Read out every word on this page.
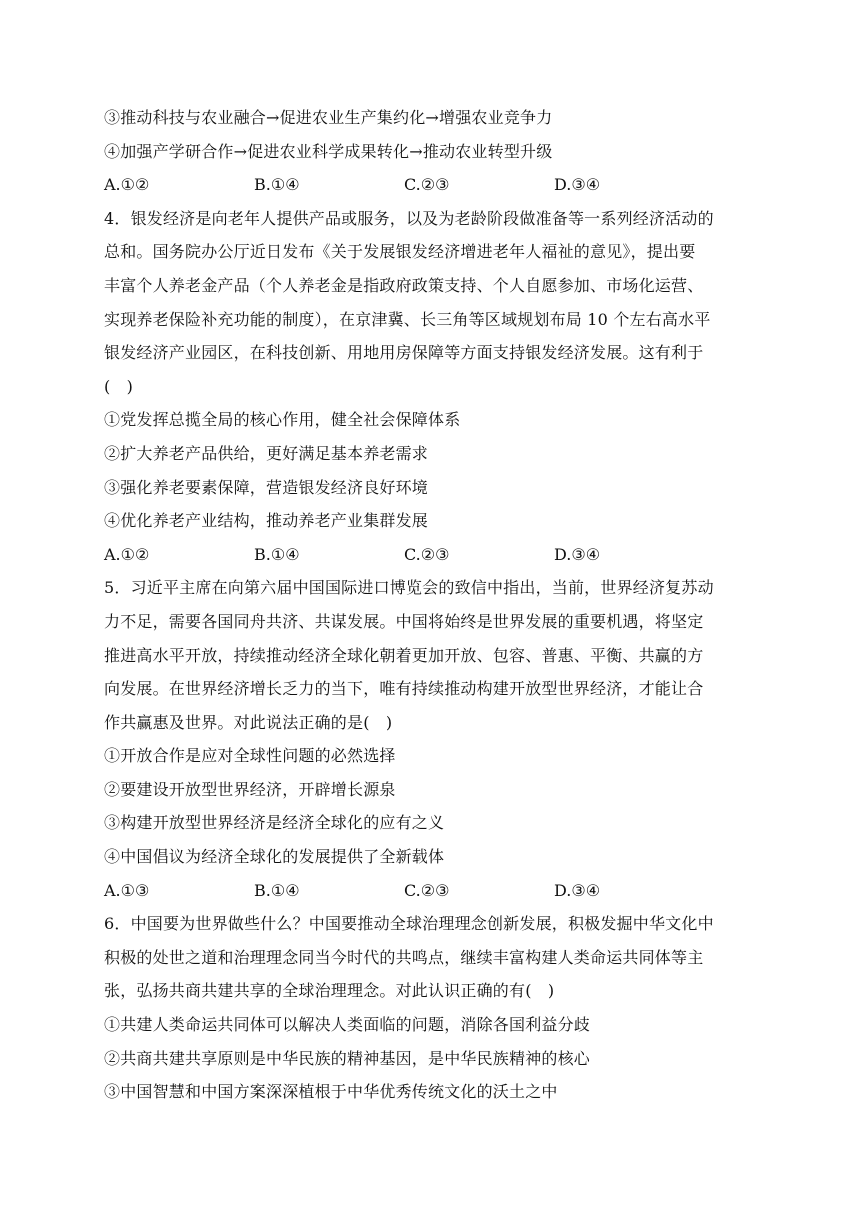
③推动科技与农业融合→促进农业生产集约化→增强农业竞争力
④加强产学研合作→促进农业科学成果转化→推动农业转型升级
A.①②	B.①④	C.②③	D.③④
4．银发经济是向老年人提供产品或服务，以及为老龄阶段做准备等一系列经济活动的
总和。国务院办公厅近日发布《关于发展银发经济增进老年人福祉的意见》，提出要
丰富个人养老金产品（个人养老金是指政府政策支持、个人自愿参加、市场化运营、
实现养老保险补充功能的制度），在京津冀、长三角等区域规划布局 10 个左右高水平
银发经济产业园区，在科技创新、用地用房保障等方面支持银发经济发展。这有利于
(　)
①党发挥总揽全局的核心作用，健全社会保障体系
②扩大养老产品供给，更好满足基本养老需求
③强化养老要素保障，营造银发经济良好环境
④优化养老产业结构，推动养老产业集群发展
A.①②	B.①④	C.②③	D.③④
5．习近平主席在向第六届中国国际进口博览会的致信中指出，当前，世界经济复苏动
力不足，需要各国同舟共济、共谋发展。中国将始终是世界发展的重要机遇，将坚定
推进高水平开放，持续推动经济全球化朝着更加开放、包容、普惠、平衡、共赢的方
向发展。在世界经济增长乏力的当下，唯有持续推动构建开放型世界经济，才能让合
作共赢惠及世界。对此说法正确的是(　)
①开放合作是应对全球性问题的必然选择
②要建设开放型世界经济，开辟增长源泉
③构建开放型世界经济是经济全球化的应有之义
④中国倡议为经济全球化的发展提供了全新载体
A.①③	B.①④	C.②③	D.③④
6．中国要为世界做些什么？中国要推动全球治理理念创新发展，积极发掘中华文化中
积极的处世之道和治理理念同当今时代的共鸣点，继续丰富构建人类命运共同体等主
张，弘扬共商共建共享的全球治理理念。对此认识正确的有(　)
①共建人类命运共同体可以解决人类面临的问题，消除各国利益分歧
②共商共建共享原则是中华民族的精神基因，是中华民族精神的核心
③中国智慧和中国方案深深植根于中华优秀传统文化的沃土之中
